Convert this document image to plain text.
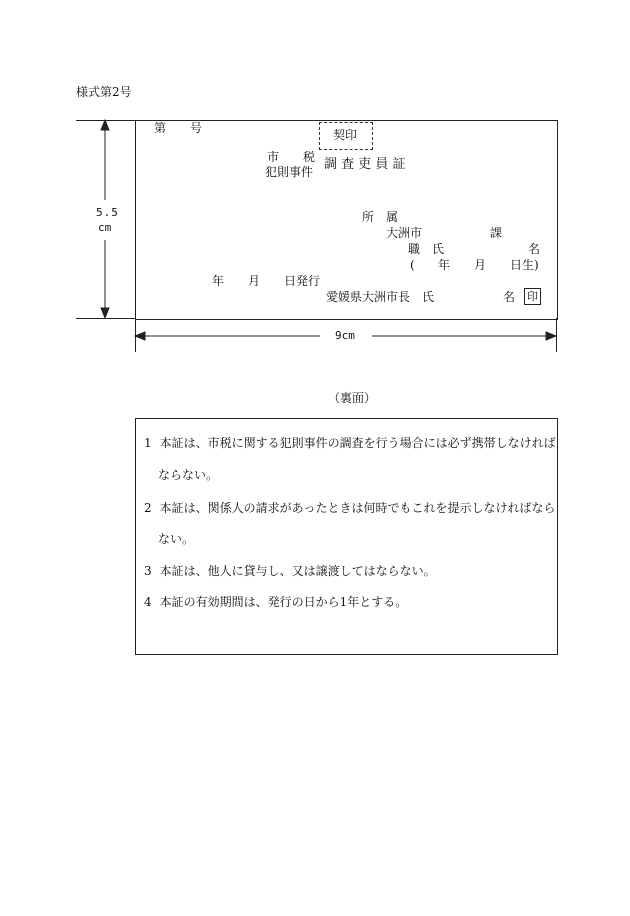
様式第2号
5.5
cm
9cm
第　　号	契印
市　　税
犯則事件 調 査 吏 員 証
所　属
大洲市	課
職　氏	名
( 年 月 日生)
年　　月　　日発行
愛媛県大洲市長　氏	名 印
（裏面）
1 本証は、市税に関する犯則事件の調査を行う場合には必ず携帯しなければ
ならない。
2 本証は、関係人の請求があったときは何時でもこれを提示しなければなら
ない。
3 本証は、他人に貸与し、又は譲渡してはならない。
4 本証の有効期間は、発行の日から1年とする。
